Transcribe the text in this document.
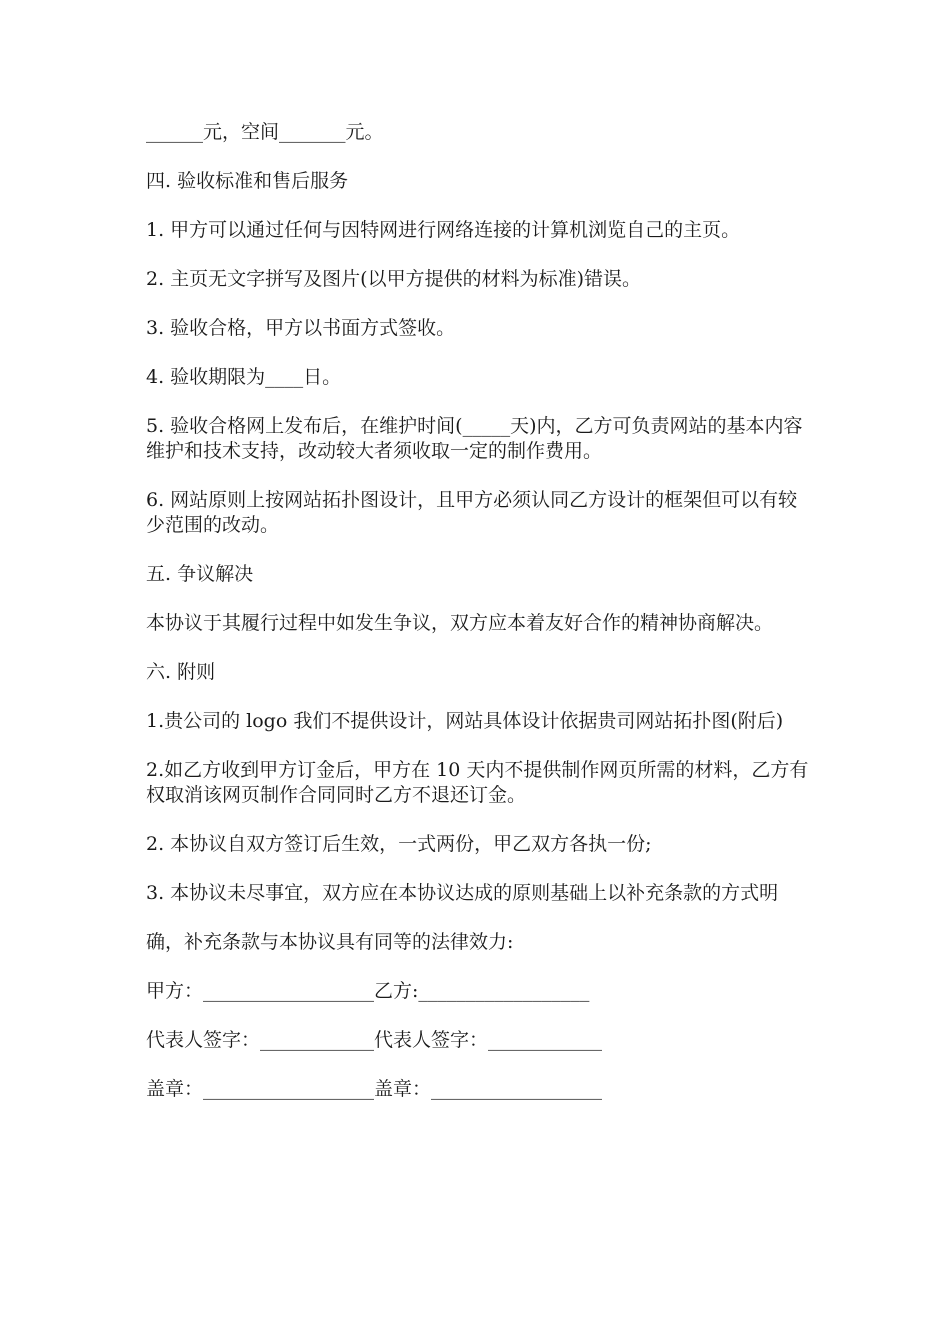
______元，空间_______元。

四. 验收标准和售后服务

1. 甲方可以通过任何与因特网进行网络连接的计算机浏览自己的主页。

2. 主页无文字拼写及图片(以甲方提供的材料为标准)错误。

3. 验收合格，甲方以书面方式签收。

4. 验收期限为____日。

5. 验收合格网上发布后，在维护时间(_____天)内，乙方可负责网站的基本内容维护和技术支持，改动较大者须收取一定的制作费用。

6. 网站原则上按网站拓扑图设计，且甲方必须认同乙方设计的框架但可以有较少范围的改动。

五. 争议解决

本协议于其履行过程中如发生争议，双方应本着友好合作的精神协商解决。

六. 附则

1.贵公司的 logo 我们不提供设计，网站具体设计依据贵司网站拓扑图(附后)

2.如乙方收到甲方订金后，甲方在 10 天内不提供制作网页所需的材料，乙方有权取消该网页制作合同同时乙方不退还订金。

2. 本协议自双方签订后生效，一式两份，甲乙双方各执一份;

3. 本协议未尽事宜，双方应在本协议达成的原则基础上以补充条款的方式明

确，补充条款与本协议具有同等的法律效力:

甲方：__________________乙方:__________________

代表人签字：____________代表人签字：____________

盖章：__________________盖章：__________________
